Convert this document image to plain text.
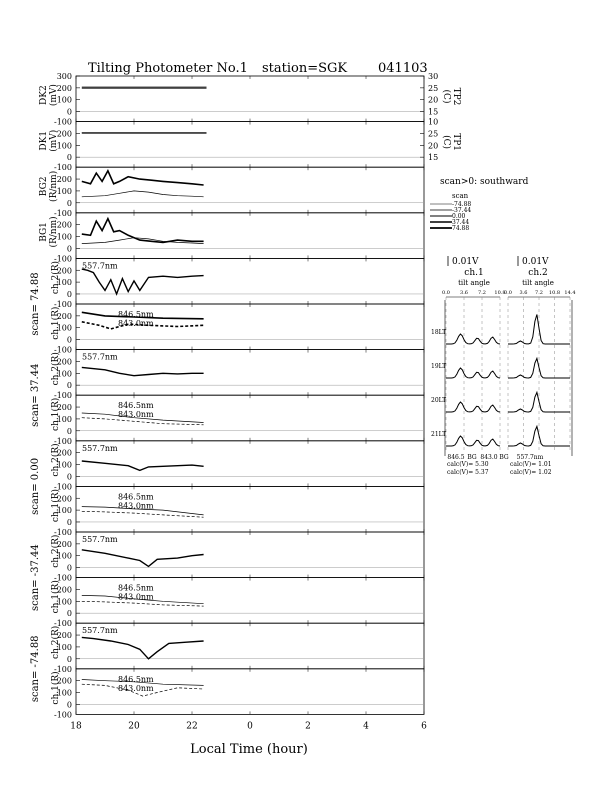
Tilting Photometer No.1 station=SGK 041103
300
200
100
0
DK2(mV)
30
25
20
15
TP2(C)
-100
200
100
0
DK1(mV)
10
25
20
15
TP1(C)
-100
200
100
0
BG2(R/nm)
-100
200
100
0
BG1(R/nm)
-100
200
100
0
ch.2(R)	557.7nm
-100
200
100
0
ch.1(R)	846.5nm
843.0nm
-100
200
100
0
ch.2(R)	557.7nm
-100
200
100
0
ch.1(R)	846.5nm
843.0nm
-100
200
100
0
ch.2(R)	557.7nm
-100
200
100
0
ch.1(R)	846.5nm
843.0nm
-100
200
100
0
ch.2(R)	557.7nm
-100
200
100
0
ch.1(R)	846.5nm
843.0nm
-100
200
100
0
ch.2(R)	557.7nm
-100
200
100
0
ch.1(R)	846.5nm
843.0nm
-100
Local Time (hour)
18	20	22	0	2	4	6
scan= 74.88
scan= 37.44
scan= 0.00
scan= -37.44
scan= -74.88
scan>0: southward
scan
-74.88
-37.44
0.00
37.44
74.88
0.01V	0.01V
ch.1	ch.2
tilt angle	tilt angle
calc(V)= 5.30
calc(V)= 5.37
calc(V)= 1.01
calc(V)= 1.02
0.0 3.6 7.2 10.8
0.0 3.6 7.2 10.8 14.4
18LT
19LT
20LT
21LT
846.5 BG 843.0 BG 557.7nm
